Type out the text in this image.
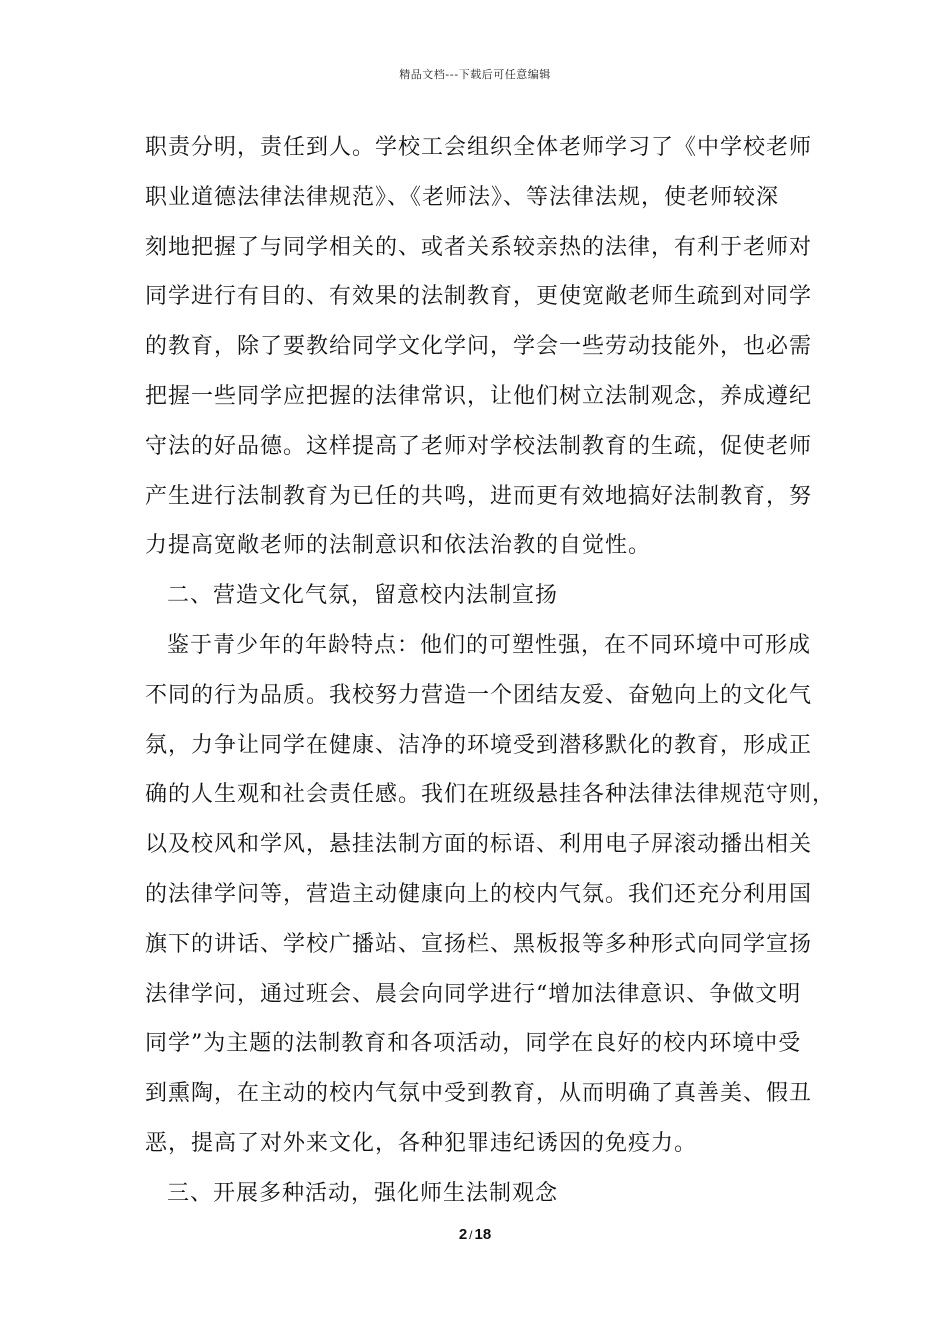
精品文档---下载后可任意编辑
职责分明，责任到人。学校工会组织全体老师学习了《中学校老师
职业道德法律法律规范》、《老师法》、等法律法规，使老师较深
刻地把握了与同学相关的、或者关系较亲热的法律，有利于老师对
同学进行有目的、有效果的法制教育，更使宽敞老师生疏到对同学
的教育，除了要教给同学文化学问，学会一些劳动技能外，也必需
把握一些同学应把握的法律常识，让他们树立法制观念，养成遵纪
守法的好品德。这样提高了老师对学校法制教育的生疏，促使老师
产生进行法制教育为已任的共鸣，进而更有效地搞好法制教育，努
力提高宽敞老师的法制意识和依法治教的自觉性。
二、营造文化气氛，留意校内法制宣扬
鉴于青少年的年龄特点：他们的可塑性强，在不同环境中可形成
不同的行为品质。我校努力营造一个团结友爱、奋勉向上的文化气
氛，力争让同学在健康、洁净的环境受到潜移默化的教育，形成正
确的人生观和社会责任感。我们在班级悬挂各种法律法律规范守则，
以及校风和学风，悬挂法制方面的标语、利用电子屏滚动播出相关
的法律学问等，营造主动健康向上的校内气氛。我们还充分利用国
旗下的讲话、学校广播站、宣扬栏、黑板报等多种形式向同学宣扬
法律学问，通过班会、晨会向同学进行“增加法律意识、争做文明
同学”为主题的法制教育和各项活动，同学在良好的校内环境中受
到熏陶，在主动的校内气氛中受到教育，从而明确了真善美、假丑
恶，提高了对外来文化，各种犯罪违纪诱因的免疫力。
三、开展多种活动，强化师生法制观念
2 / 18
